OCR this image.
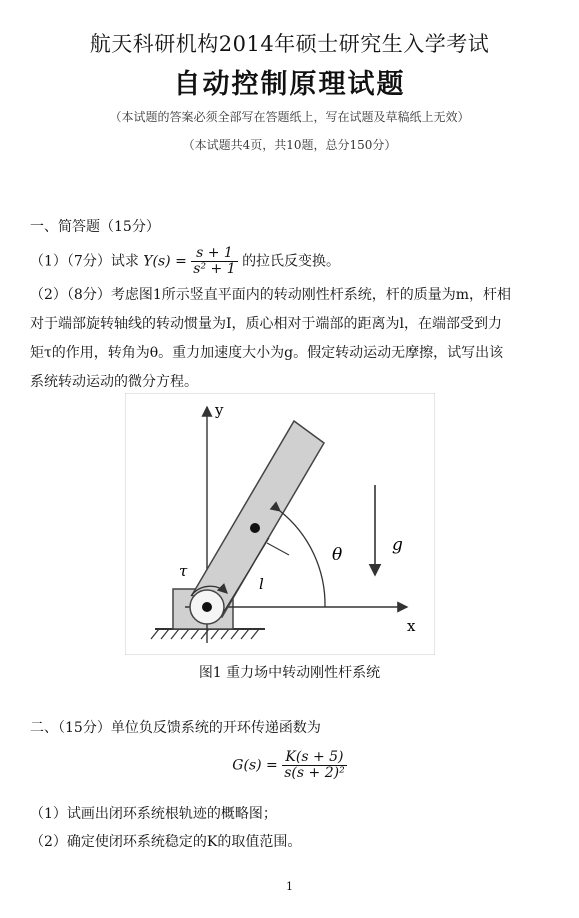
航天科研机构2014年硕士研究生入学考试
自动控制原理试题
（本试题的答案必须全部写在答题纸上，写在试题及草稿纸上无效）
（本试题共4页，共10题，总分150分）
一、简答题（15分）
（1）（7分）试求 $Y(s) = \frac{s + 1}{\text{s² + 1}}$ 的拉氏反变换。
（2）（8分）考虑图1所示竖直平面内的转动刚性杆系统，杆的质量为m，杆相
对于端部旋转轴线的转动惯量为I，质心相对于端部的距离为l，在端部受到力
矩τ的作用，转角为θ。重力加速度大小为g。假定转动运动无摩擦，试写出该
系统转动运动的微分方程。
y
x
τ
l
θ	g
图1 重力场中转动刚性杆系统
二、（15分）单位负反馈系统的开环传递函数为
$G(s) = \frac{K(s + 5)}{\text{s(s + 2)²}}$
（1）试画出闭环系统根轨迹的概略图；
（2）确定使闭环系统稳定的K的取值范围。
1
